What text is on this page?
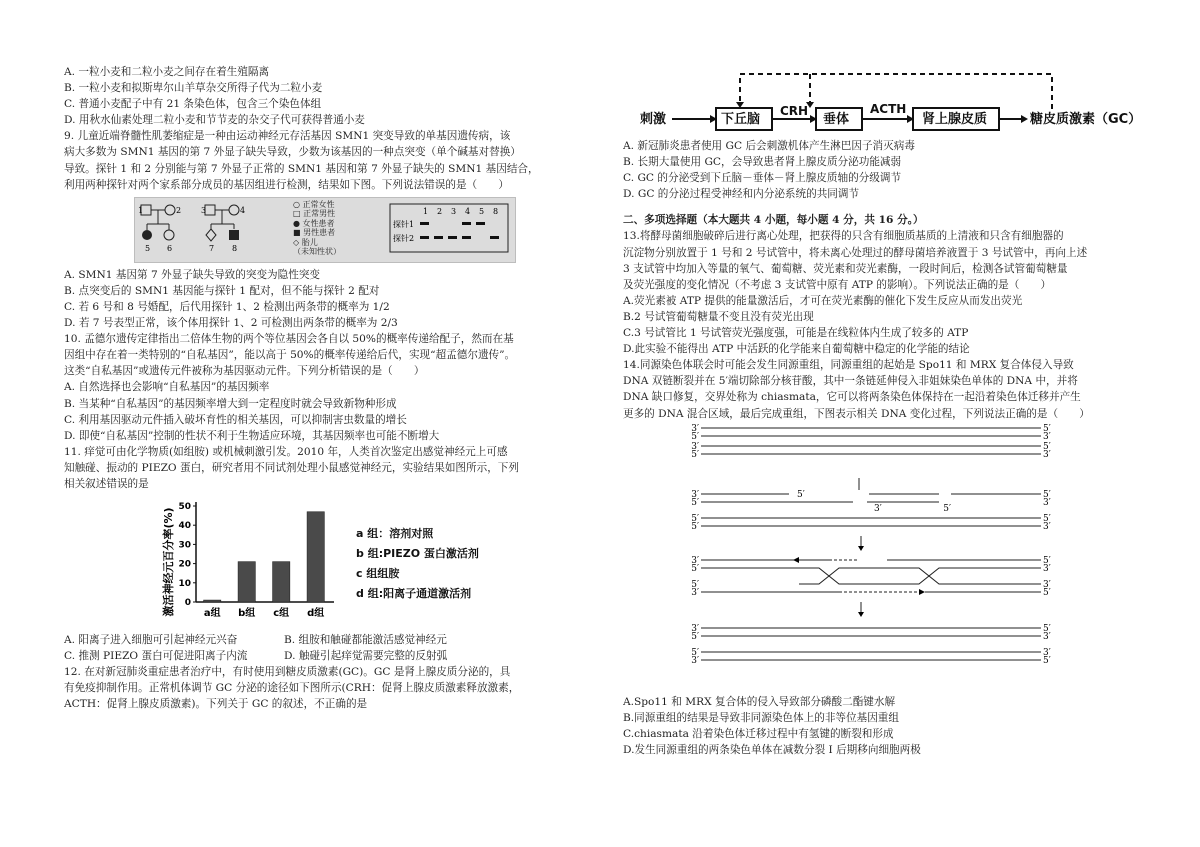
A. 一粒小麦和二粒小麦之间存在着生殖隔离
B. 一粒小麦和拟斯卑尔山羊草杂交所得子代为二粒小麦
C. 普通小麦配子中有 21 条染色体，包含三个染色体组
D. 用秋水仙素处理二粒小麦和节节麦的杂交子代可获得普通小麦
9. 儿童近端脊髓性肌萎缩症是一种由运动神经元存活基因 SMN1 突变导致的单基因遗传病，该
病大多数为 SMN1 基因的第 7 外显子缺失导致，少数为该基因的一种点突变（单个碱基对替换）
导致。探针 1 和 2 分别能与第 7 外显子正常的 SMN1 基因和第 7 外显子缺失的 SMN1 基因结合，
利用两种探针对两个家系部分成员的基因组进行检测，结果如下图。下列说法错误的是（　　）
1	2 3	4
5 6	7 8
1 2 3 4 5 8
探针1
探针2
○ 正常女性
□ 正常男性
● 女性患者
■ 男性患者
◇ 胎儿
（未知性状）
A. SMN1 基因第 7 外显子缺失导致的突变为隐性突变
B. 点突变后的 SMN1 基因能与探针 1 配对，但不能与探针 2 配对
C. 若 6 号和 8 号婚配，后代用探针 1、2 检测出两条带的概率为 1/2
D. 若 7 号表型正常，该个体用探针 1、2 可检测出两条带的概率为 2/3
10. 孟德尔遗传定律指出二倍体生物的两个等位基因会各自以 50%的概率传递给配子，然而在基
因组中存在着一类特别的“自私基因”，能以高于 50%的概率传递给后代，实现“超孟德尔遗传”。
这类“自私基因”或遗传元件被称为基因驱动元件。下列分析错误的是（　　）
A. 自然选择也会影响“自私基因”的基因频率
B. 当某种“自私基因”的基因频率增大到一定程度时就会导致新物种形成
C. 利用基因驱动元件插入破坏育性的相关基因，可以抑制害虫数量的增长
D. 即使“自私基因”控制的性状不利于生物适应环境，其基因频率也可能不断增大
11. 痒觉可由化学物质(如组胺) 或机械刺激引发。2010 年，人类首次鉴定出感觉神经元上可感
知触碰、振动的 PIEZO 蛋白，研究者用不同试剂处理小鼠感觉神经元，实验结果如图所示，下列
相关叙述错误的是
激活神经元百分率(%) 0
10
20
30
40
50
a组 b组 c组 d组
a 组：溶剂对照
b 组:PIEZO 蛋白激活剂
c 组组胺
d 组:阳离子通道激活剂
A. 阳离子进入细胞可引起神经元兴奋	B. 组胺和触碰都能激活感觉神经元
C. 推测 PIEZO 蛋白可促进阳离子内流	D. 触碰引起痒觉需要完整的反射弧
12. 在对新冠肺炎重症患者治疗中，有时使用到糖皮质激素(GC)。GC 是肾上腺皮质分泌的，具
有免疫抑制作用。正常机体调节 GC 分泌的途径如下图所示(CRH：促肾上腺皮质激素释放激素，
ACTH：促肾上腺皮质激素)。下列关于 GC 的叙述，不正确的是
刺激	下丘脑
CRH
垂体
ACTH
肾上腺皮质	糖皮质激素（GC）
A. 新冠肺炎患者使用 GC 后会刺激机体产生淋巴因子消灭病毒
B. 长期大量使用 GC，会导致患者肾上腺皮质分泌功能减弱
C. GC 的分泌受到下丘脑－垂体－肾上腺皮质轴的分级调节
D. GC 的分泌过程受神经和内分泌系统的共同调节
二、多项选择题（本大题共 4 小题，每小题 4 分，共 16 分。）
13.将酵母菌细胞破碎后进行离心处理，把获得的只含有细胞质基质的上清液和只含有细胞器的
沉淀物分别放置于 1 号和 2 号试管中，将未离心处理过的酵母菌培养液置于 3 号试管中，再向上述
3 支试管中均加入等量的氧气、葡萄糖、荧光素和荧光素酶，一段时间后，检测各试管葡萄糖量
及荧光强度的变化情况（不考虑 3 支试管中原有 ATP 的影响）。下列说法正确的是（　　）
A.荧光素被 ATP 提供的能量激活后，才可在荧光素酶的催化下发生反应从而发出荧光
B.2 号试管葡萄糖量不变且没有荧光出现
C.3 号试管比 1 号试管荧光强度强，可能是在线粒体内生成了较多的 ATP
D.此实验不能得出 ATP 中活跃的化学能来自葡萄糖中稳定的化学能的结论
14.同源染色体联会时可能会发生同源重组，同源重组的起始是 Spo11 和 MRX 复合体侵入导致
DNA 双链断裂并在 5′端切除部分核苷酸，其中一条链延伸侵入非姐妹染色单体的 DNA 中，并将
DNA 缺口修复，交界处称为 chiasmata，它可以将两条染色体保持在一起沿着染色体迁移并产生
更多的 DNA 混合区域，最后完成重组，下图表示相关 DNA 变化过程，下列说法正确的是（　　）
3′	5′
5′	3′
3′	5′
5′	3′
3′	5′
5′
3′	5′
5′
3′
5′
5′
5′
3′
3′
5′
5′
3′
5′
3′
3′
5′
3′
5′
5′
3′
5′
3′
3′
5′
A.Spo11 和 MRX 复合体的侵入导致部分磷酸二酯键水解
B.同源重组的结果是导致非同源染色体上的非等位基因重组
C.chiasmata 沿着染色体迁移过程中有氢键的断裂和形成
D.发生同源重组的两条染色单体在减数分裂 I 后期移向细胞两极
